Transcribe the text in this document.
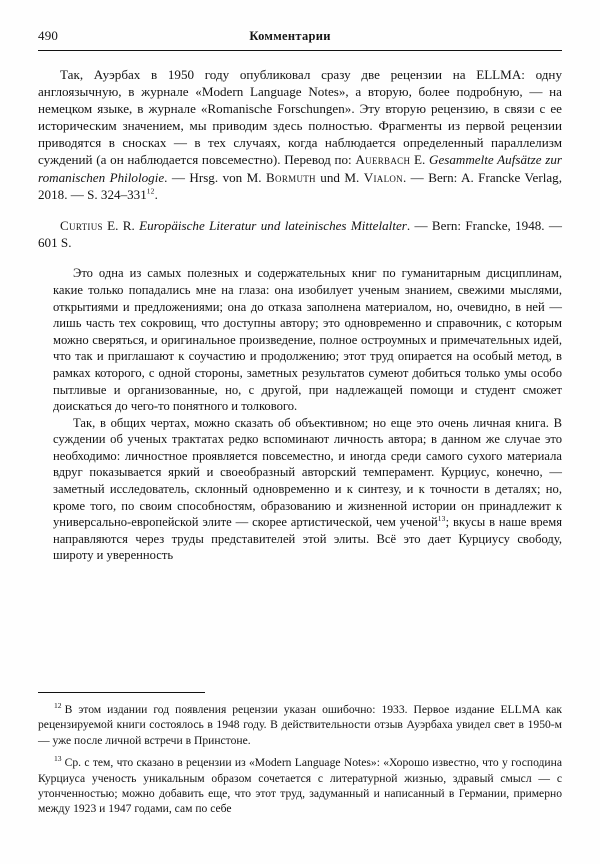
490	Комментарии

Так, Ауэрбах в 1950 году опубликовал сразу две рецензии на ELLMA: одну англоязычную, в журнале «Modern Language Notes», а вторую, более подробную, — на немецком языке, в журнале «Romanische Forschungen». Эту вторую рецензию, в связи с ее историческим значением, мы приводим здесь полностью. Фрагменты из первой рецензии приводятся в сносках — в тех случаях, когда наблюдается определенный параллелизм суждений (а он наблюдается повсеместно). Перевод по: Auerbach E. Gesammelte Aufsätze zur romanischen Philologie. — Hrsg. von M. Bormuth und M. Vialon. — Bern: A. Francke Verlag, 2018. — S. $324-331^{12}$.

Curtius E. R. Europäische Literatur und lateinisches Mittelalter. — Bern: Francke, 1948. — 601 S.

Это одна из самых полезных и содержательных книг по гуманитарным дисциплинам, какие только попадались мне на глаза: она изобилует ученым знанием, свежими мыслями, открытиями и предложениями; она до отказа заполнена материалом, но, очевидно, в ней — лишь часть тех сокровищ, что доступны автору; это одновременно и справочник, с которым можно сверяться, и оригинальное произведение, полное остроумных и примечательных идей, что так и приглашают к соучастию и продолжению; этот труд опирается на особый метод, в рамках которого, с одной стороны, заметных результатов сумеют добиться только умы особо пытливые и организованные, но, с другой, при надлежащей помощи и студент сможет доискаться до чего-то понятного и толкового.

Так, в общих чертах, можно сказать об объективном; но еще это очень личная книга. В суждении об ученых трактатах редко вспоминают личность автора; в данном же случае это необходимо: личностное проявляется повсеместно, и иногда среди самого сухого материала вдруг показывается яркий и своеобразный авторский темперамент. Курциус, конечно, — заметный исследователь, склонный одновременно и к синтезу, и к точности в деталях; но, кроме того, по своим способностям, образованию и жизненной истории он принадлежит к универсально-европейской элите — скорее артистической, чем ученой$^{13}$; вкусы в наше время направляются через труды представителей этой элиты. Всё это дает Курциусу свободу, широту и уверенность

$^{12}$ В этом издании год появления рецензии указан ошибочно: 1933. Первое издание ELLMA как рецензируемой книги состоялось в 1948 году. В действительности отзыв Ауэрбаха увидел свет в 1950-м — уже после личной встречи в Принстоне.

$^{13}$ Ср. с тем, что сказано в рецензии из «Modern Language Notes»: «Хорошо известно, что у господина Курциуса ученость уникальным образом сочетается с литературной жизнью, здравый смысл — с утонченностью; можно добавить еще, что этот труд, задуманный и написанный в Германии, примерно между 1923 и 1947 годами, сам по себе
